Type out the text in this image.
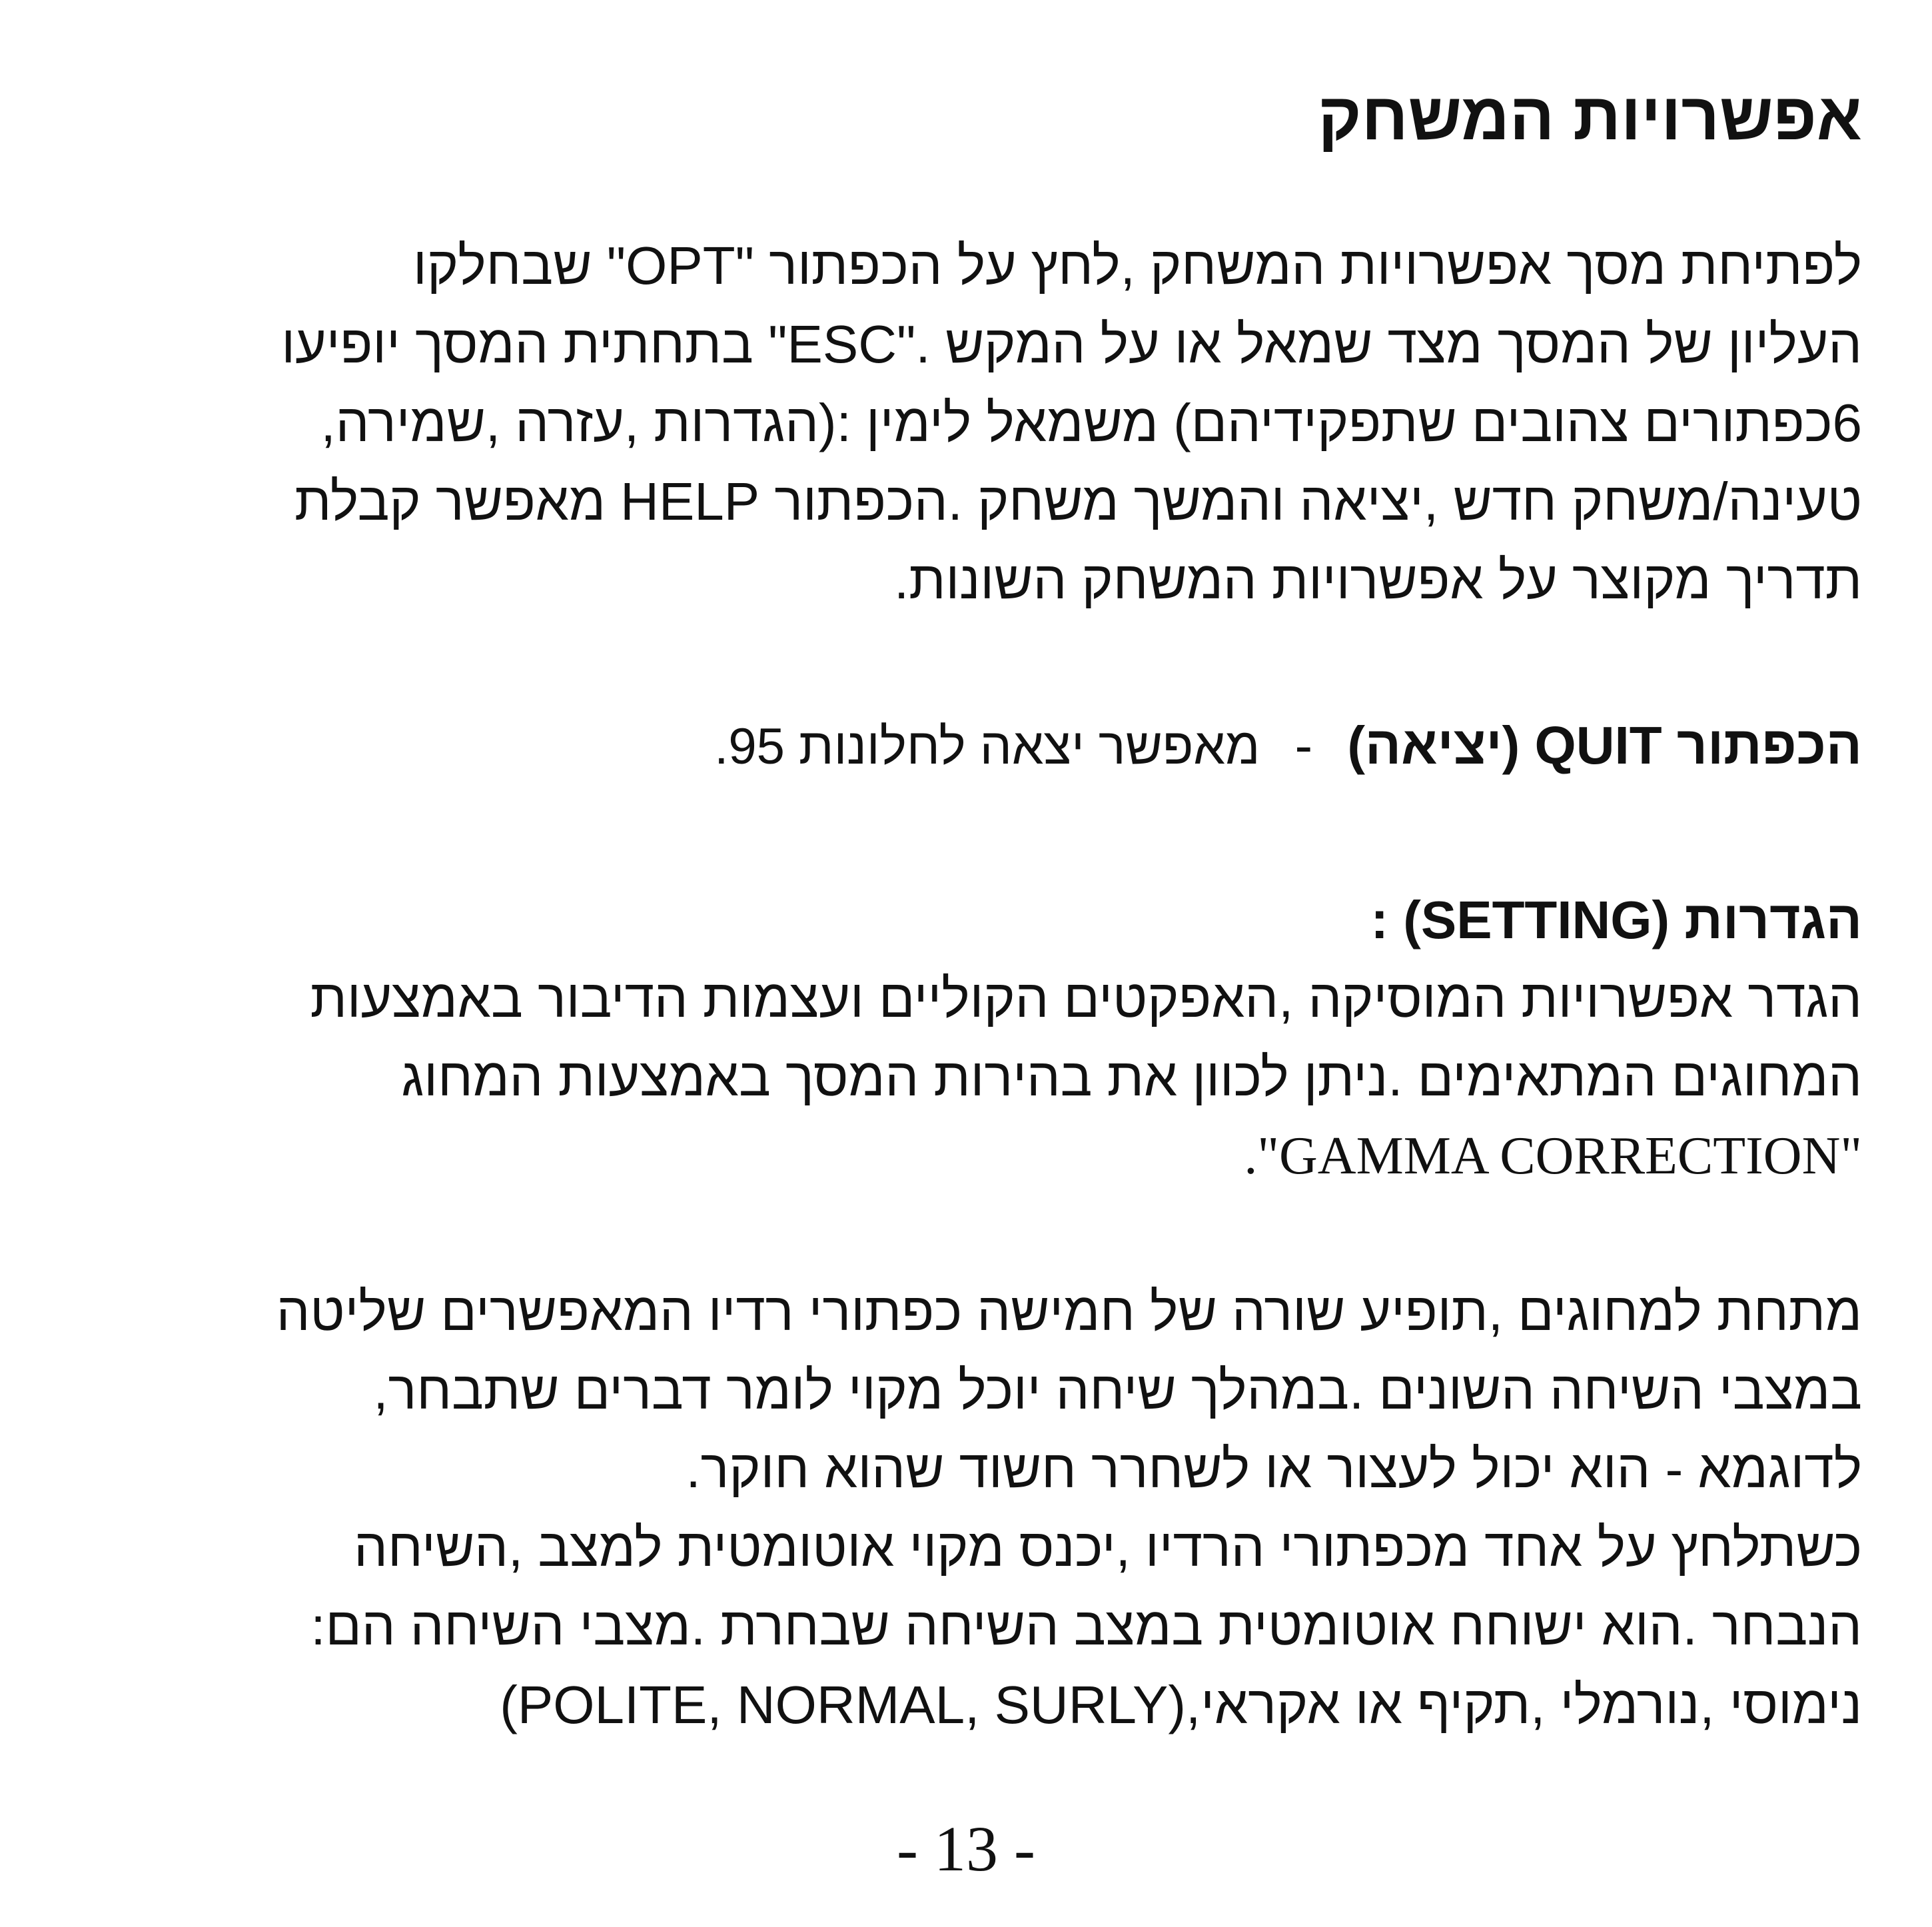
אפשרויות המשחק
לפתיחת מסך אפשרויות המשחק ,לחץ על הכפתור "OPT" שבחלקו
העליון של המסך מצד שמאל או על המקש ."ESC" בתחתית המסך יופיעו
6כפתורים צהובים שתפקידיהם) משמאל לימין :(הגדרות ,עזרה ,שמירה,
טעינה/משחק חדש ,יציאה והמשך משחק .הכפתור HELP מאפשר קבלת
תדריך מקוצר על אפשרויות המשחק השונות.
הכפתור QUIT (יציאה) - מאפשר יצאה לחלונות 95.
הגדרות (SETTING) :
הגדר אפשרויות המוסיקה ,האפקטים הקוליים ועצמות הדיבור באמצעות
המחוגים המתאימים .ניתן לכוון את בהירות המסך באמצעות המחוג
"GAMMA CORRECTION".
מתחת למחוגים ,תופיע שורה של חמישה כפתורי רדיו המאפשרים שליטה
במצבי השיחה השונים .במהלך שיחה יוכל מקוי לומר דברים שתבחר,
לדוגמא - הוא יכול לעצור או לשחרר חשוד שהוא חוקר.
כשתלחץ על אחד מכפתורי הרדיו ,יכנס מקוי אוטומטית למצב ,השיחה
הנבחר .הוא ישוחח אוטומטית במצב השיחה שבחרת .מצבי השיחה הם:
נימוסי ,נורמלי ,תקיף או אקראי,(POLITE, NORMAL, SURLY)
- 13 -
